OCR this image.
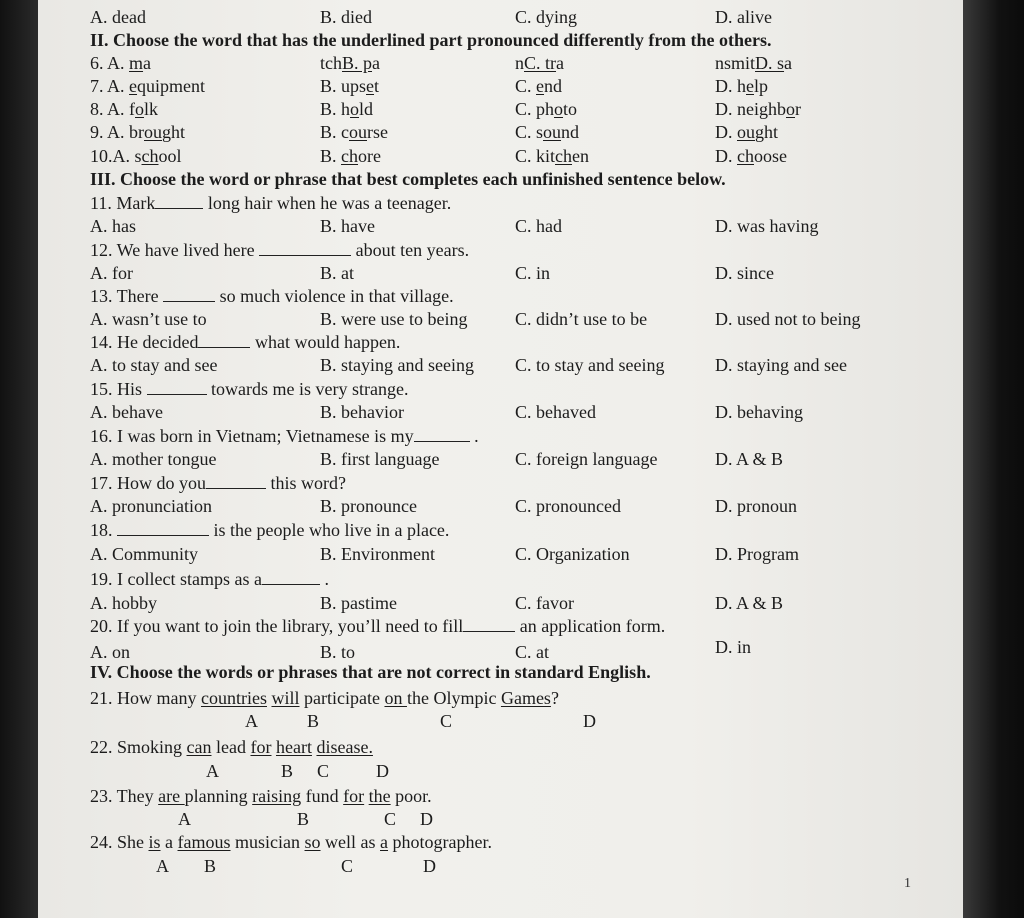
A. dead	B. died	C. dying	D. alive
II. Choose the word that has the underlined part pronounced differently from the others.
6. A. ma	tchB. pa	nC. tra	nsmitD. sa
7. A. equipment	B. upset	C. end	D. help
8. A. folk	B. hold	C. photo	D. neighbor
9. A. brought	B. course	C. sound	D. ought
10.A. school	B. chore	C. kitchen	D. choose
III. Choose the word or phrase that best completes each unfinished sentence below.
11. Mark	long hair when he was a teenager.
A. has	B. have	C. had	D. was having
12. We have lived here	about ten years.
A. for	B. at	C. in	D. since
13. There	so much violence in that village.
A. wasn’t use to	B. were use to being	C. didn’t use to be	D. used not to being
14. He decided	what would happen.
A. to stay and see	B. staying and seeing C. to stay and seeing	D. staying and see
15. His	towards me is very strange.
A. behave	B. behavior	C. behaved	D. behaving
16. I was born in Vietnam; Vietnamese is my	.
A. mother tongue	B. first language	C. foreign language	D. A & B
17. How do you	this word?
A. pronunciation	B. pronounce	C. pronounced	D. pronoun
18.	is the people who live in a place.
A. Community	B. Environment	C. Organization	D. Program
19. I collect stamps as a	.
A. hobby	B. pastime	C. favor	D. A & B
20. If you want to join the library, you’ll need to fill	an application form.
A. on	B. to	C. at	D. in
IV. Choose the words or phrases that are not correct in standard English.
21. How many countries will participate on the Olympic Games?
A	B	C	D
22. Smoking can lead for heart disease.
A	B C	D
23. They are planning raising fund for the poor.
A	B	C D
24. She is a famous musician so well as a photographer.
A B	C	D
1
